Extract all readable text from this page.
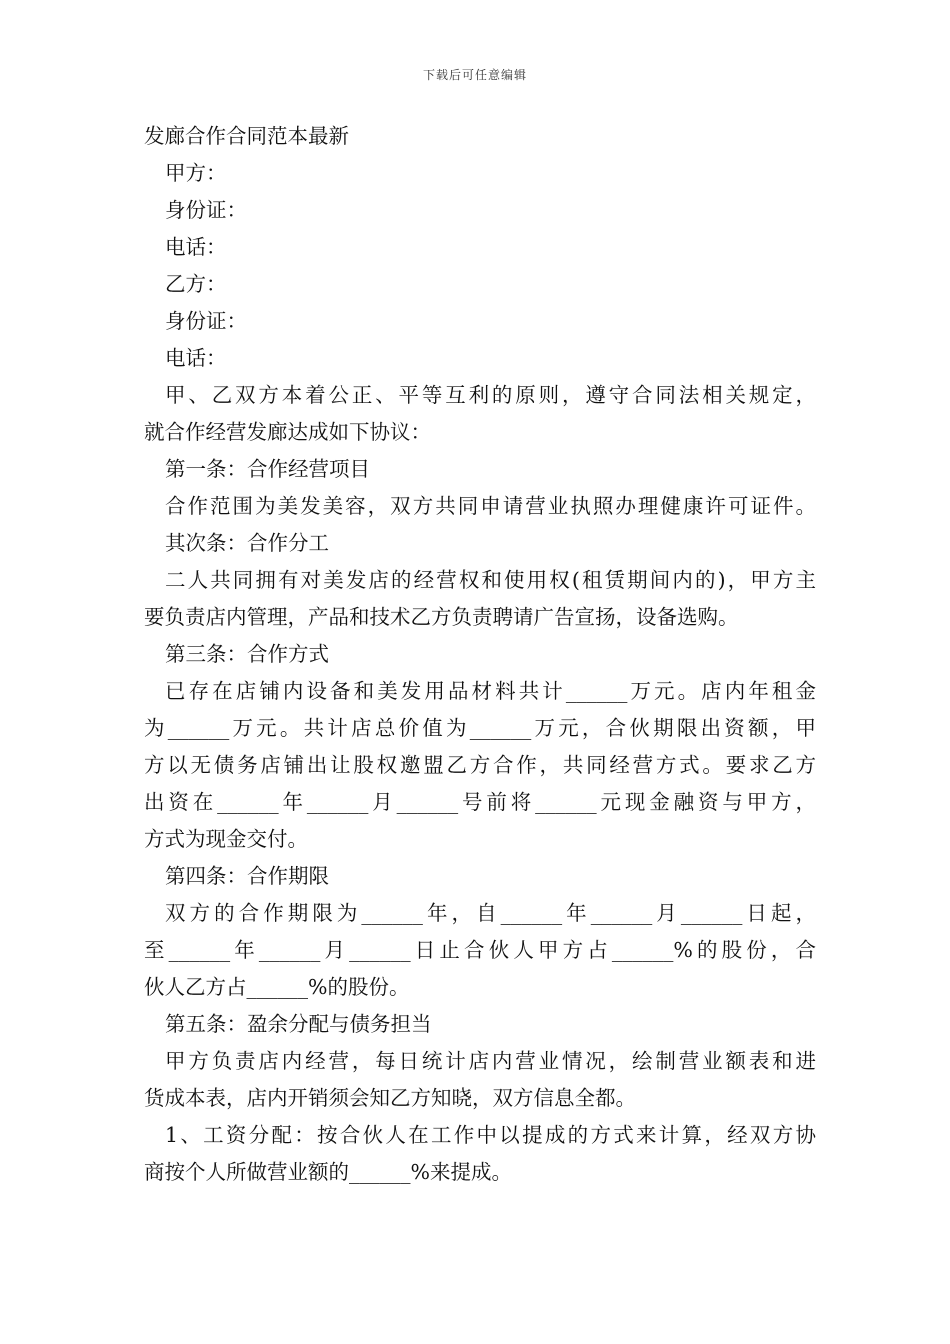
下载后可任意编辑
发廊合作合同范本最新
甲方：
身份证：
电话：
乙方：
身份证：
电话：
甲、乙双方本着公正、平等互利的原则，遵守合同法相关规定，
就合作经营发廊达成如下协议：
第一条：合作经营项目
合作范围为美发美容，双方共同申请营业执照办理健康许可证件。
其次条：合作分工
二人共同拥有对美发店的经营权和使用权(租赁期间内的)，甲方主
要负责店内管理，产品和技术乙方负责聘请广告宣扬，设备选购。
第三条：合作方式
已存在店铺内设备和美发用品材料共计______万元。店内年租金
为______万元。共计店总价值为______万元，合伙期限出资额，甲
方以无债务店铺出让股权邀盟乙方合作，共同经营方式。要求乙方
出资在______年______月______号前将______元现金融资与甲方，
方式为现金交付。
第四条：合作期限
双方的合作期限为______年，自______年______月______日起，
至______年______月______日止合伙人甲方占______%的股份，合
伙人乙方占______%的股份。
第五条：盈余分配与债务担当
甲方负责店内经营，每日统计店内营业情况，绘制营业额表和进
货成本表，店内开销须会知乙方知晓，双方信息全都。
1、工资分配：按合伙人在工作中以提成的方式来计算，经双方协
商按个人所做营业额的______%来提成。
